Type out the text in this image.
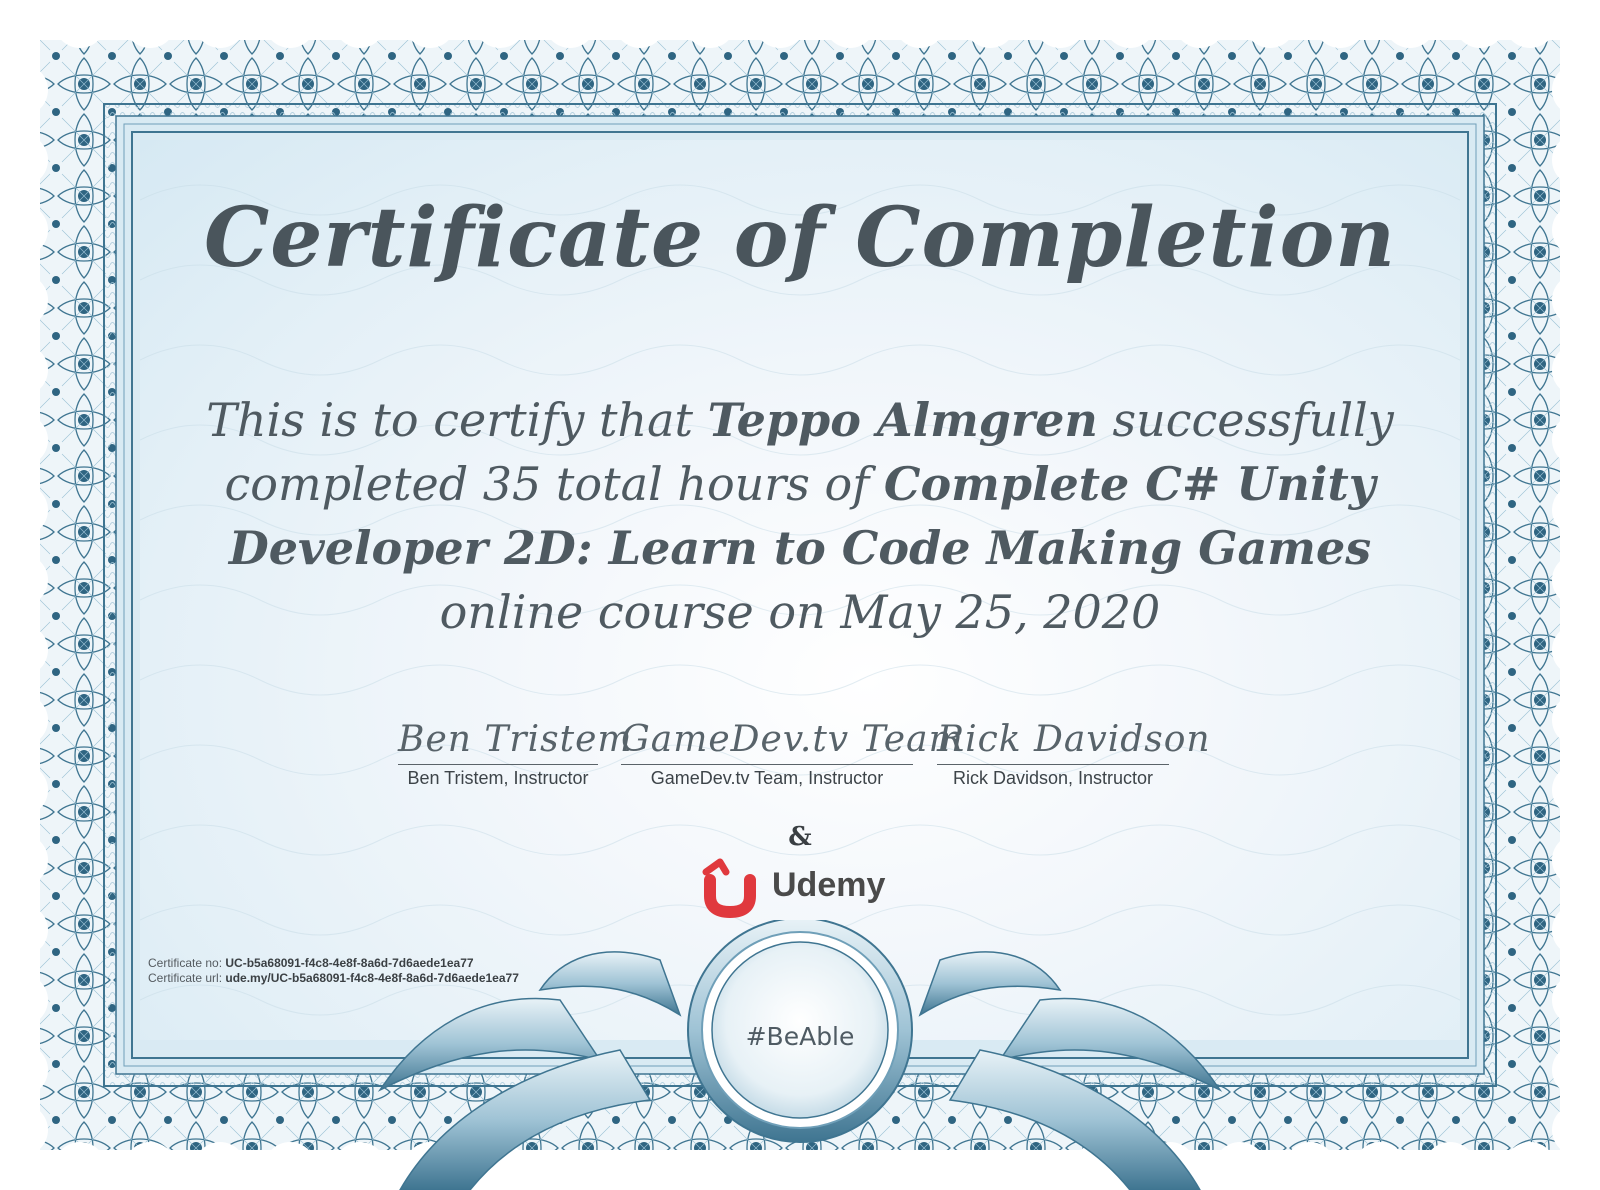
Certificate of Completion
This is to certify that Teppo Almgren successfully completed 35 total hours of Complete C# Unity Developer 2D: Learn to Code Making Games
online course on May 25, 2020
Ben Tristem
Ben Tristem, Instructor
GameDev.tv Team
GameDev.tv Team, Instructor
Rick Davidson
Rick Davidson, Instructor
&
Udemy
Certificate no: UC-b5a68091-f4c8-4e8f-8a6d-7d6aede1ea77
Certificate url: ude.my/UC-b5a68091-f4c8-4e8f-8a6d-7d6aede1ea77
#BeAble
